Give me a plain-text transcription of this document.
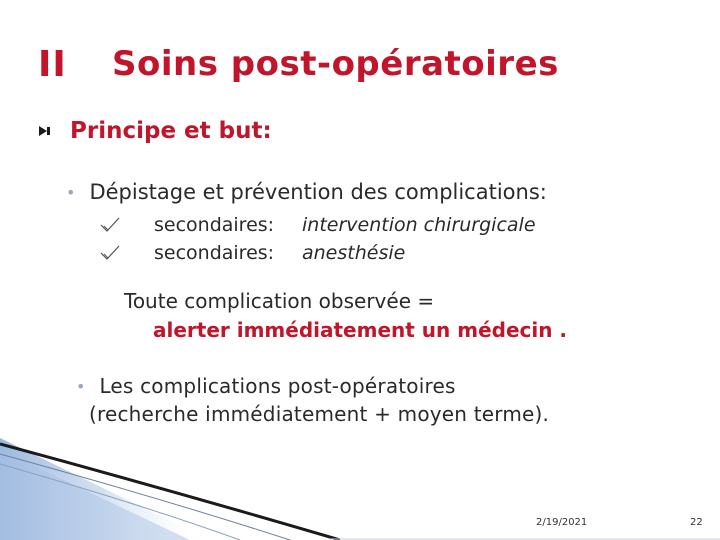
II Soins post-opératoires
Principe et but:
• Dépistage et prévention des complications:
secondaires:	intervention chirurgicale
secondaires:	anesthésie
Toute complication observée =
alerter immédiatement un médecin .
• Les complications post-opératoires
(recherche immédiatement + moyen terme).
2/19/2021	22
